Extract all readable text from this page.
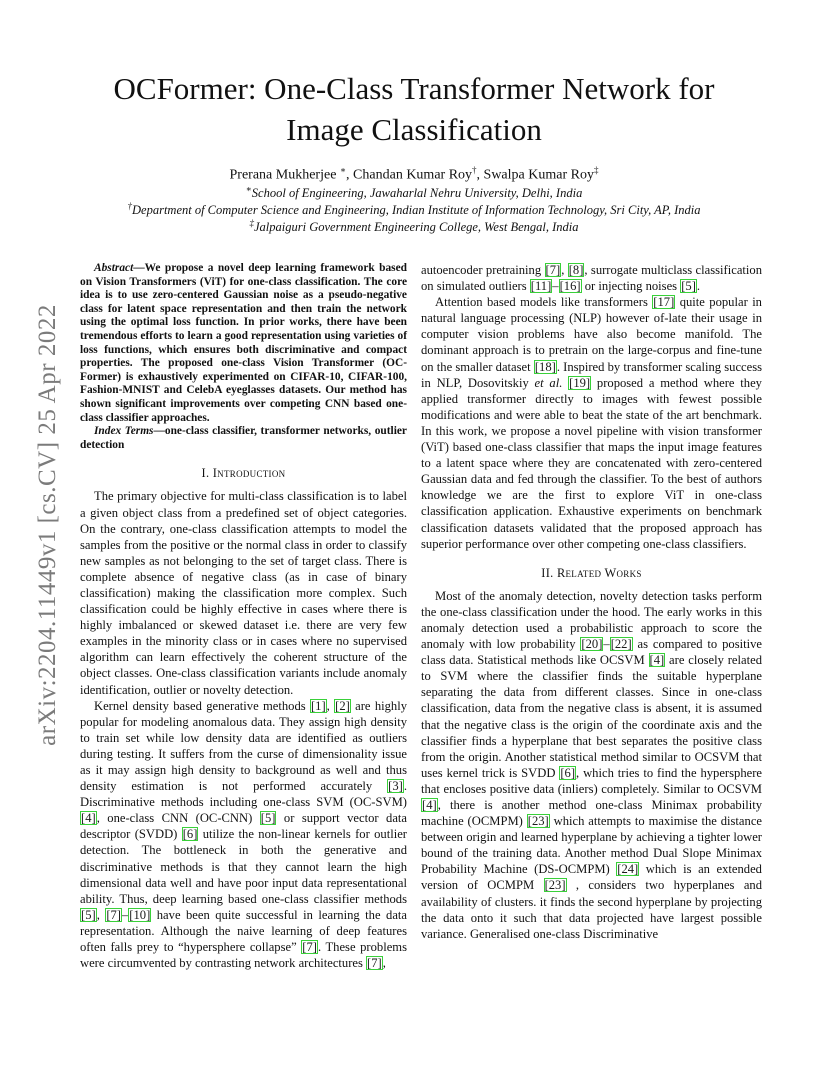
arXiv:2204.11449v1 [cs.CV] 25 Apr 2022
OCFormer: One-Class Transformer Network for
Image Classification
Prerana Mukherjee ∗, Chandan Kumar Roy†, Swalpa Kumar Roy‡
∗School of Engineering, Jawaharlal Nehru University, Delhi, India
†Department of Computer Science and Engineering, Indian Institute of Information Technology, Sri City, AP, India
‡Jalpaiguri Government Engineering College, West Bengal, India

Abstract—We propose a novel deep learning framework based on Vision Transformers (ViT) for one-class classification. The core idea is to use zero-centered Gaussian noise as a pseudo-negative class for latent space representation and then train the network using the optimal loss function. In prior works, there have been tremendous efforts to learn a good representation using varieties of loss functions, which ensures both discriminative and compact properties. The proposed one-class Vision Transformer (OC-Former) is exhaustively experimented on CIFAR-10, CIFAR-100, Fashion-MNIST and CelebA eyeglasses datasets. Our method has shown significant improvements over competing CNN based one-class classifier approaches.

Index Terms—one-class classifier, transformer networks, outlier detection

I. Introduction

The primary objective for multi-class classification is to label a given object class from a predefined set of object categories. On the contrary, one-class classification attempts to model the samples from the positive or the normal class in order to classify new samples as not belonging to the set of target class. There is complete absence of negative class (as in case of binary classification) making the classification more complex. Such classification could be highly effective in cases where there is highly imbalanced or skewed dataset i.e. there are very few examples in the minority class or in cases where no supervised algorithm can learn effectively the coherent structure of the object classes. One-class classification variants include anomaly identification, outlier or novelty detection.

Kernel density based generative methods [1], [2] are highly popular for modeling anomalous data. They assign high density to train set while low density data are identified as outliers during testing. It suffers from the curse of dimensionality issue as it may assign high density to background as well and thus density estimation is not performed accurately [3]. Discriminative methods including one-class SVM (OC-SVM) [4], one-class CNN (OC-CNN) [5] or support vector data descriptor (SVDD) [6] utilize the non-linear kernels for outlier detection. The bottleneck in both the generative and discriminative methods is that they cannot learn the high dimensional data well and have poor input data representational ability. Thus, deep learning based one-class classifier methods [5], [7]–[10] have been quite successful in learning the data representation. Although the naive learning of deep features often falls prey to “hypersphere collapse” [7]. These problems were circumvented by contrasting network architectures [7],

autoencoder pretraining [7], [8], surrogate multiclass classification on simulated outliers [11]–[16] or injecting noises [5].

Attention based models like transformers [17] quite popular in natural language processing (NLP) however of-late their usage in computer vision problems have also become manifold. The dominant approach is to pretrain on the large-corpus and fine-tune on the smaller dataset [18]. Inspired by transformer scaling success in NLP, Dosovitskiy et al. [19] proposed a method where they applied transformer directly to images with fewest possible modifications and were able to beat the state of the art benchmark. In this work, we propose a novel pipeline with vision transformer (ViT) based one-class classifier that maps the input image features to a latent space where they are concatenated with zero-centered Gaussian data and fed through the classifier. To the best of authors knowledge we are the first to explore ViT in one-class classification application. Exhaustive experiments on benchmark classification datasets validated that the proposed approach has superior performance over other competing one-class classifiers.

II. Related Works

Most of the anomaly detection, novelty detection tasks perform the one-class classification under the hood. The early works in this anomaly detection used a probabilistic approach to score the anomaly with low probability [20]–[22] as compared to positive class data. Statistical methods like OCSVM [4] are closely related to SVM where the classifier finds the suitable hyperplane separating the data from different classes. Since in one-class classification, data from the negative class is absent, it is assumed that the negative class is the origin of the coordinate axis and the classifier finds a hyperplane that best separates the positive class from the origin. Another statistical method similar to OCSVM that uses kernel trick is SVDD [6], which tries to find the hypersphere that encloses positive data (inliers) completely. Similar to OCSVM [4], there is another method one-class Minimax probability machine (OCMPM) [23] which attempts to maximise the distance between origin and learned hyperplane by achieving a tighter lower bound of the training data. Another method Dual Slope Minimax Probability Machine (DS-OCMPM) [24] which is an extended version of OCMPM [23] , considers two hyperplanes and availability of clusters. it finds the second hyperplane by projecting the data onto it such that data projected have largest possible variance. Generalised one-class Discriminative
